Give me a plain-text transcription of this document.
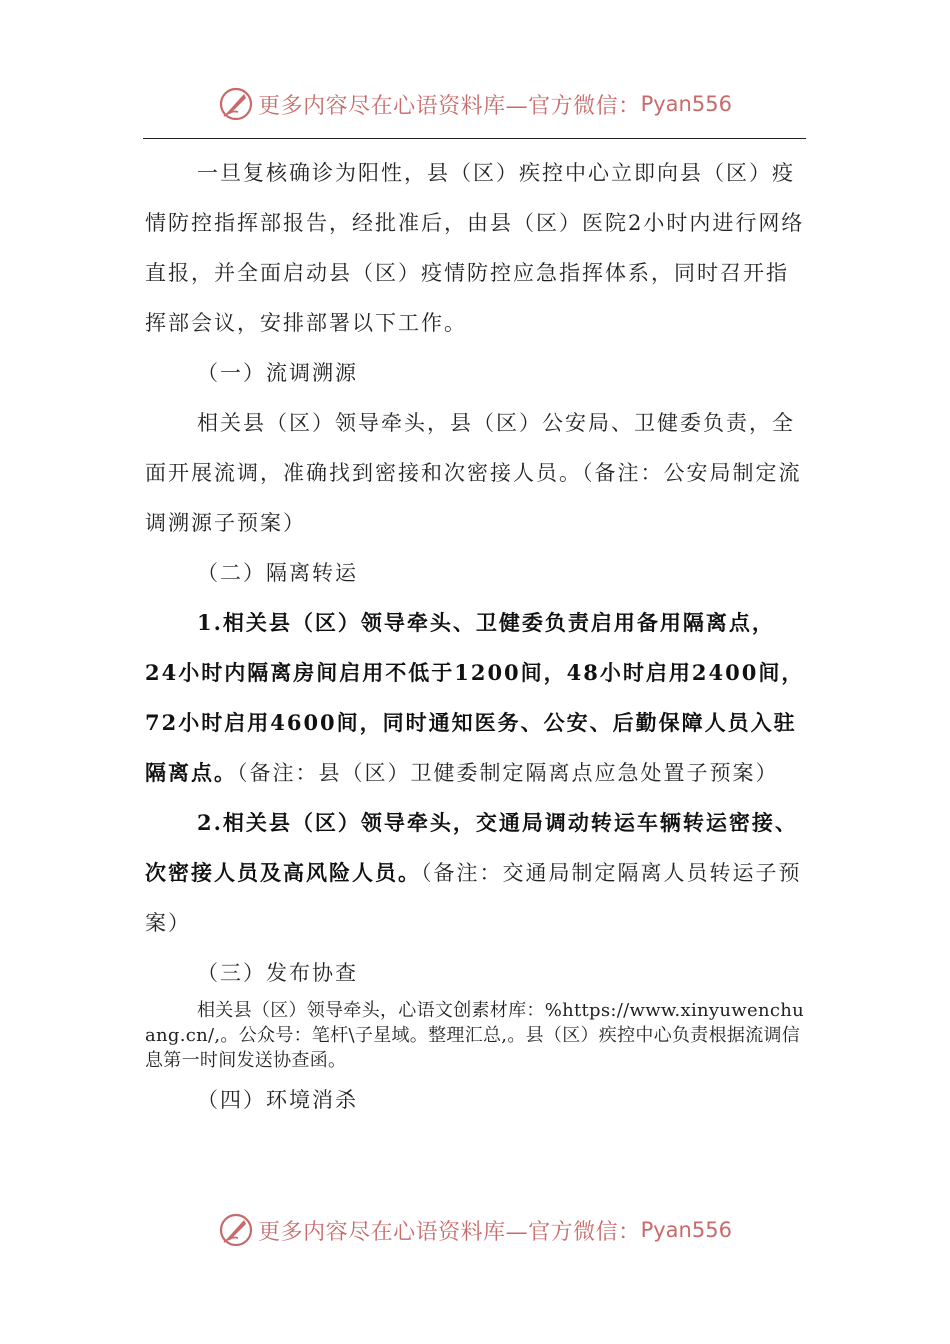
更多内容尽在心语资料库—官方微信： Pyan556

一旦复核确诊为阳性，县（区）疾控中心立即向县（区）疫情防控指挥部报告，经批准后，由县（区）医院2小时内进行网络直报，并全面启动县（区）疫情防控应急指挥体系，同时召开指挥部会议，安排部署以下工作。

（一）流调溯源

相关县（区）领导牵头，县（区）公安局、卫健委负责，全面开展流调，准确找到密接和次密接人员。（备注：公安局制定流调溯源子预案）

（二）隔离转运

1.相关县（区）领导牵头、卫健委负责启用备用隔离点，24小时内隔离房间启用不低于1200间，48小时启用2400间，72小时启用4600间，同时通知医务、公安、后勤保障人员入驻隔离点。（备注：县（区）卫健委制定隔离点应急处置子预案）

2.相关县（区）领导牵头，交通局调动转运车辆转运密接、次密接人员及高风险人员。（备注：交通局制定隔离人员转运子预案）

（三）发布协查

相关县（区）领导牵头，心语文创素材库：%https://www.xinyuwenchuang.cn/,。公众号：笔杆\子星域。整理汇总,。县（区）疾控中心负责根据流调信息第一时间发送协查函。

（四）环境消杀

更多内容尽在心语资料库—官方微信： Pyan556
